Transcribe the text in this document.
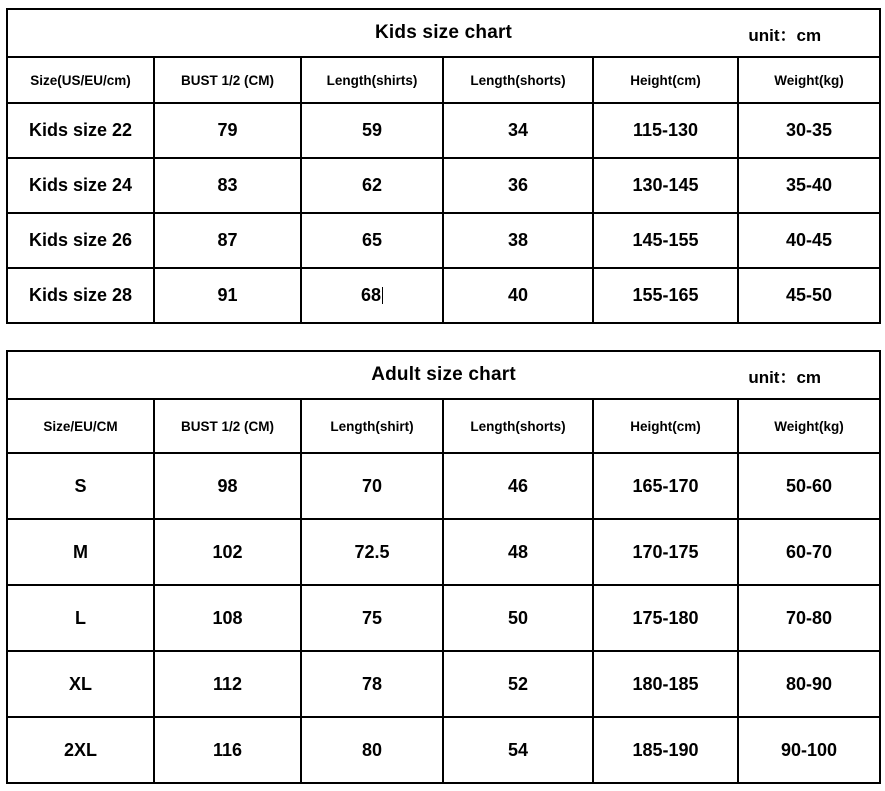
Kids size chart unit：cm					

Size(US/EU/cm)	BUST 1/2 (CM)	Length(shirts)	Length(shorts)	Height(cm)	Weight(kg)
Kids size 22	79	59	34	115-130	30-35
Kids size 24	83	62	36	130-145	35-40
Kids size 26	87	65	38	145-155	40-45
Kids size 28	91	68	40	155-165	45-50
Adult size chart unit：cm					

Size/EU/CM	BUST 1/2 (CM)	Length(shirt)	Length(shorts)	Height(cm)	Weight(kg)
S	98	70	46	165-170	50-60
M	102	72.5	48	170-175	60-70
L	108	75	50	175-180	70-80
XL	112	78	52	180-185	80-90
2XL	116	80	54	185-190	90-100
